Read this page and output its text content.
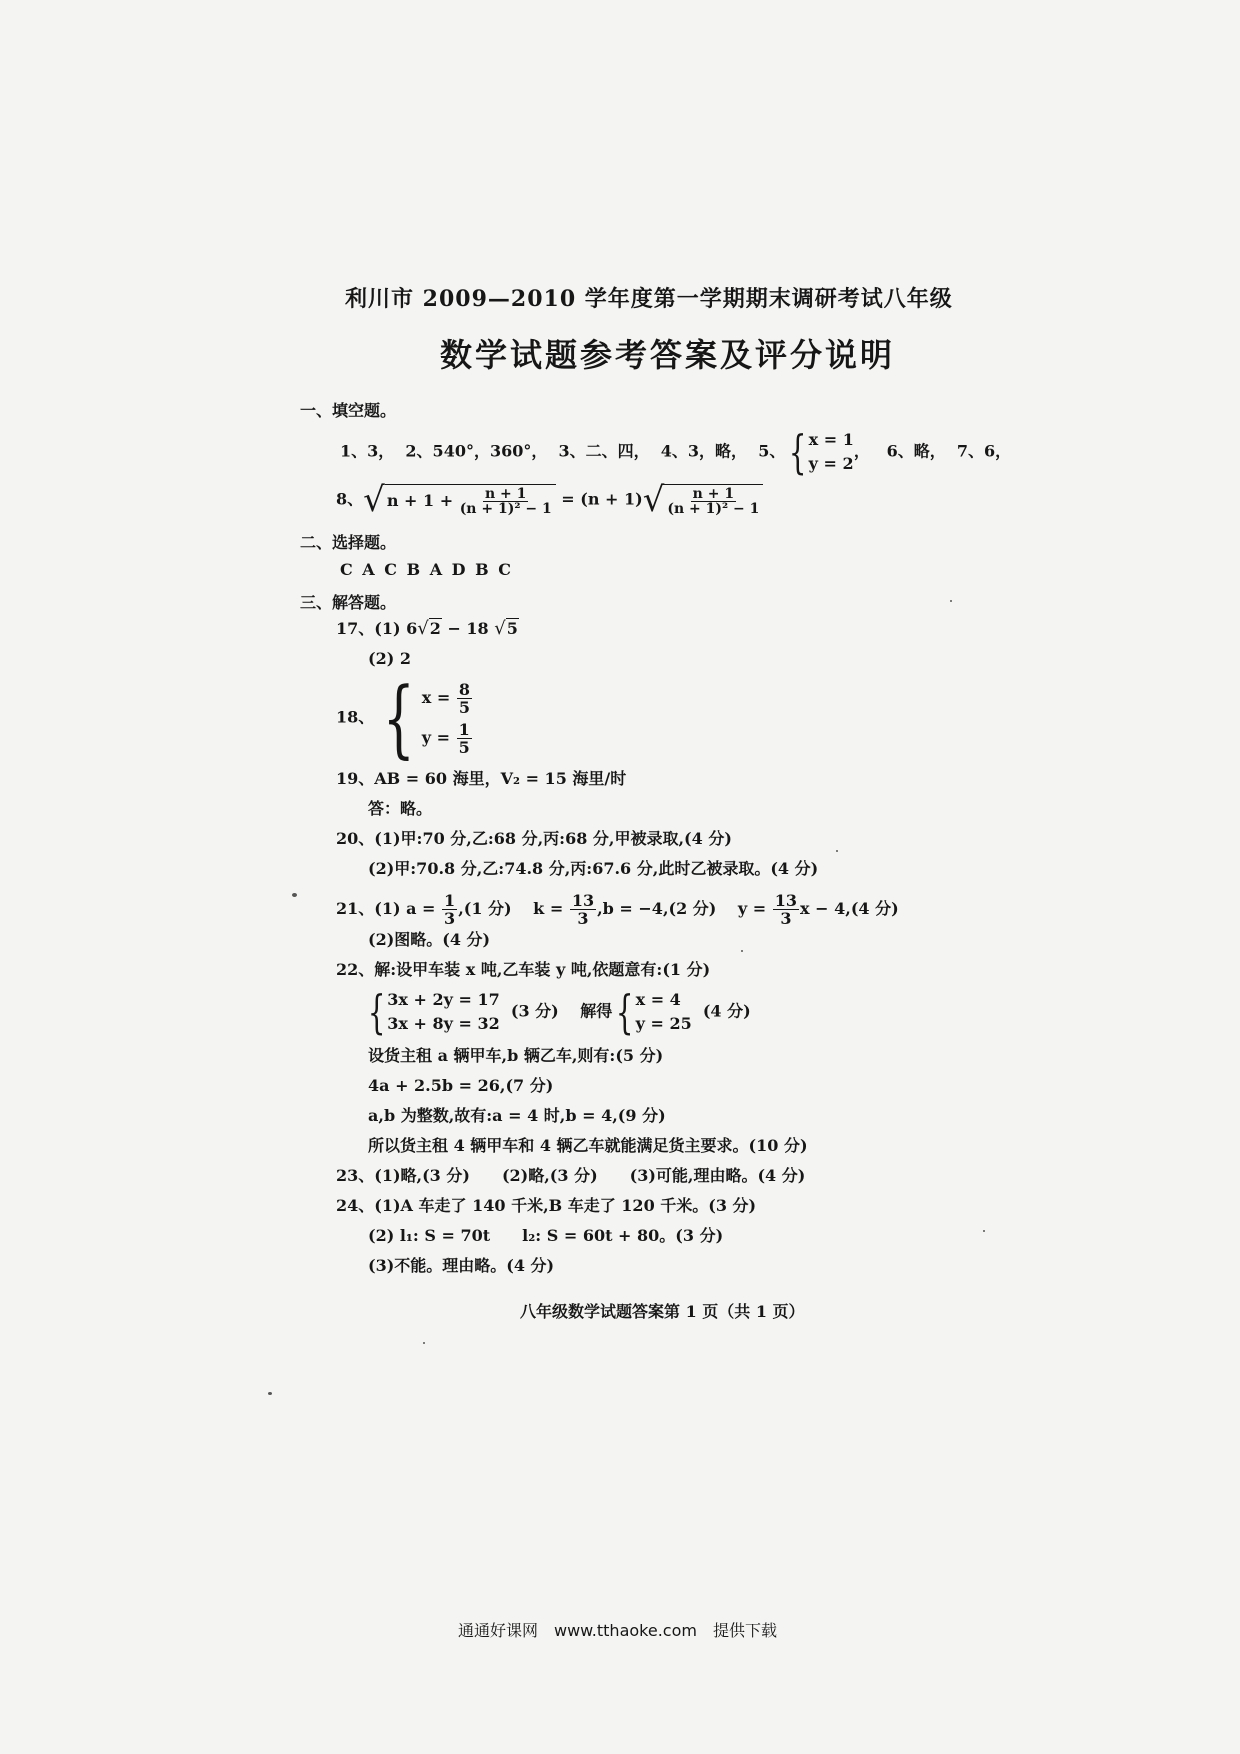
利川市 2009—2010 学年度第一学期期末调研考试八年级
数学试题参考答案及评分说明
一、填空题。
1、3， 2、540°，360°， 3、二、四， 4、3，略， 5、{ x = 1
y = 2
，   6、略， 7、6，
8、√ $n + 1 + \frac{n + 1}{\text{(n + 1)² − 1}} = (n + 1)√ \frac{n + 1}{\text{(n + 1)² − 1}}$
二、选择题。
C A C B A D B C
三、解答题。
17、(1) 6√2 − 18 √5
(2) 2
18、 { $x = \frac{8}{5}$
$y = \frac{1}{5}$
19、AB = 60 海里，V₂ = 15 海里/时
答：略。
20、(1)甲:70 分,乙:68 分,丙:68 分,甲被录取,(4 分)
(2)甲:70.8 分,乙:74.8 分,丙:67.6 分,此时乙被录取。(4 分)
21、(1) $a = \frac{1}{3} ,(1$ 分)　 $k = \frac{13}{3} ,b = -4,(2$ 分)　 $y = \frac{13}{3}$ x − 4,(4 分)
(2)图略。(4 分)
22、解:设甲车装 x 吨,乙车装 y 吨,依题意有:(1 分)
{ 3x + 2y = 17
3x + 8y = 32
(3 分)　 解得{ x = 4
y = 25
(4 分)
设货主租 a 辆甲车,b 辆乙车,则有:(5 分)
4a + 2.5b = 26,(7 分)
a,b 为整数,故有:a = 4 时,b = 4,(9 分)
所以货主租 4 辆甲车和 4 辆乙车就能满足货主要求。(10 分)
23、(1)略,(3 分)　　(2)略,(3 分)　　(3)可能,理由略。(4 分)
24、(1)A 车走了 140 千米,B 车走了 120 千米。(3 分)
(2) l₁: S = 70t　　l₂: S = 60t + 80。(3 分)
(3)不能。理由略。(4 分)
八年级数学试题答案第 1 页（共 1 页）
通通好课网　www.tthaoke.com　提供下载
